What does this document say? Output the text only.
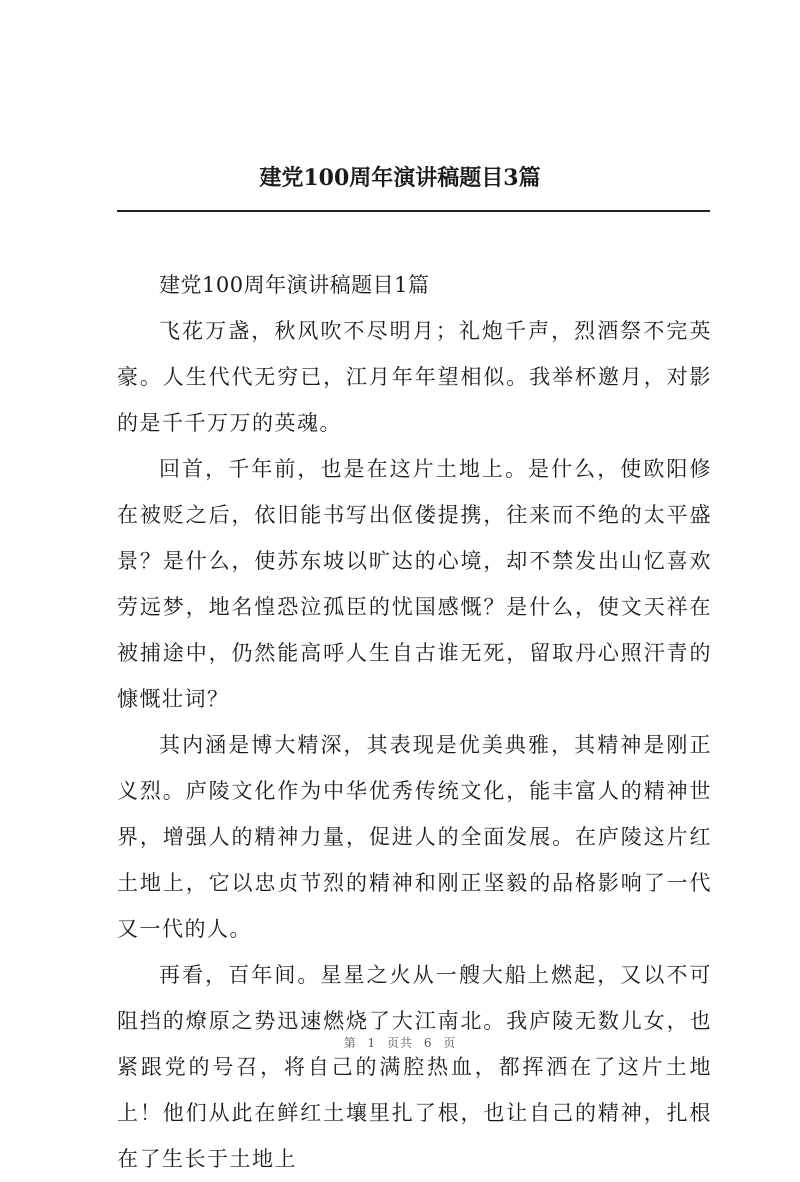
建党100周年演讲稿题目3篇

建党100周年演讲稿题目1篇

飞花万盏，秋风吹不尽明月；礼炮千声，烈酒祭不完英豪。人生代代无穷已，江月年年望相似。我举杯邀月，对影的是千千万万的英魂。

回首，千年前，也是在这片土地上。是什么，使欧阳修在被贬之后，依旧能书写出伛偻提携，往来而不绝的太平盛景？是什么，使苏东坡以旷达的心境，却不禁发出山忆喜欢劳远梦，地名惶恐泣孤臣的忧国感慨？是什么，使文天祥在被捕途中，仍然能高呼人生自古谁无死，留取丹心照汗青的慷慨壮词？

其内涵是博大精深，其表现是优美典雅，其精神是刚正义烈。庐陵文化作为中华优秀传统文化，能丰富人的精神世界，增强人的精神力量，促进人的全面发展。在庐陵这片红土地上，它以忠贞节烈的精神和刚正坚毅的品格影响了一代又一代的人。

再看，百年间。星星之火从一艘大船上燃起，又以不可阻挡的燎原之势迅速燃烧了大江南北。我庐陵无数儿女，也紧跟党的号召，将自己的满腔热血，都挥洒在了这片土地上！他们从此在鲜红土壤里扎了根，也让自己的精神，扎根在了生长于土地上

第 1 页共 6 页
